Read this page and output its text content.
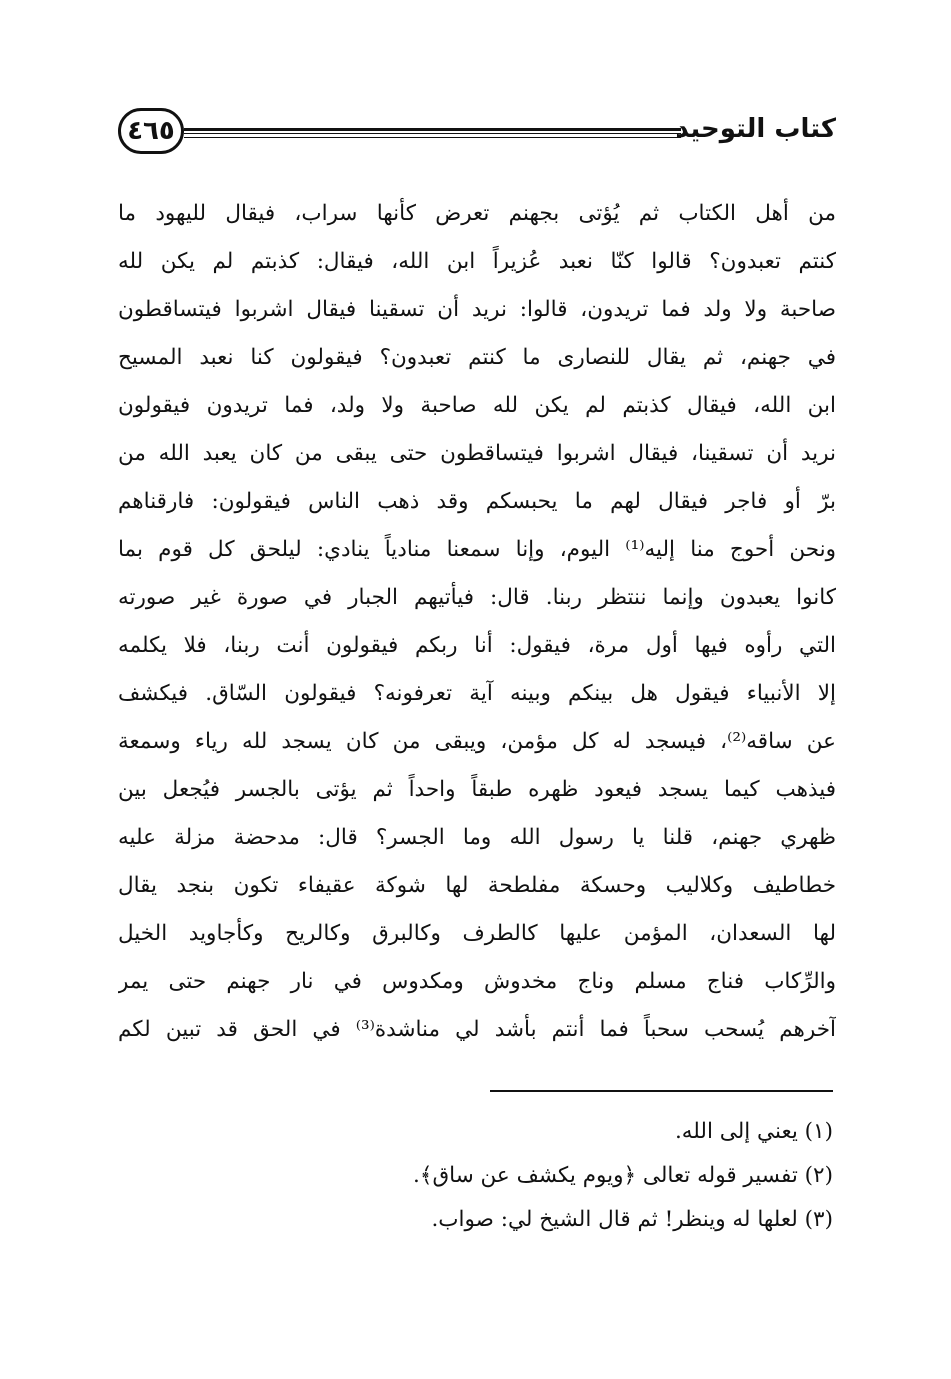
كتاب التوحيد
٤٦٥
من أهل الكتاب ثم يُؤتى بجهنم تعرض كأنها سراب، فيقال لليهود ما
كنتم تعبدون؟ قالوا كنّا نعبد عُزيراً ابن الله، فيقال: كذبتم لم يكن لله
صاحبة ولا ولد فما تريدون، قالوا: نريد أن تسقينا فيقال اشربوا فيتساقطون
في جهنم، ثم يقال للنصارى ما كنتم تعبدون؟ فيقولون كنا نعبد المسيح
ابن الله، فيقال كذبتم لم يكن لله صاحبة ولا ولد، فما تريدون فيقولون
نريد أن تسقينا، فيقال اشربوا فيتساقطون حتى يبقى من كان يعبد الله من
برّ أو فاجر فيقال لهم ما يحبسكم وقد ذهب الناس فيقولون: فارقناهم
ونحن أحوج منا إليه⁽¹⁾ اليوم، وإنا سمعنا منادياً ينادي: ليلحق كل قوم بما
كانوا يعبدون وإنما ننتظر ربنا. قال: فيأتيهم الجبار في صورة غير صورته
التي رأوه فيها أول مرة، فيقول: أنا ربكم فيقولون أنت ربنا، فلا يكلمه
إلا الأنبياء فيقول هل بينكم وبينه آية تعرفونه؟ فيقولون السّاق. فيكشف
عن ساقه⁽²⁾، فيسجد له كل مؤمن، ويبقى من كان يسجد لله رياء وسمعة
فيذهب كيما يسجد فيعود ظهره طبقاً واحداً ثم يؤتى بالجسر فيُجعل بين
ظهري جهنم، قلنا يا رسول الله وما الجسر؟ قال: مدحضة مزلة عليه
خطاطيف وكلاليب وحسكة مفلطحة لها شوكة عقيفاء تكون بنجد يقال
لها السعدان، المؤمن عليها كالطرف وكالبرق وكالريح وكأجاويد الخيل
والرِّكاب فناج مسلم وناج مخدوش ومكدوس في نار جهنم حتى يمر
آخرهم يُسحب سحباً فما أنتم بأشد لي مناشدة⁽³⁾ في الحق قد تبين لكم
(١) يعني إلى الله.
(٢) تفسير قوله تعالى ﴿ويوم يكشف عن ساق﴾.
(٣) لعلها له وينظر! ثم قال الشيخ لي: صواب.
